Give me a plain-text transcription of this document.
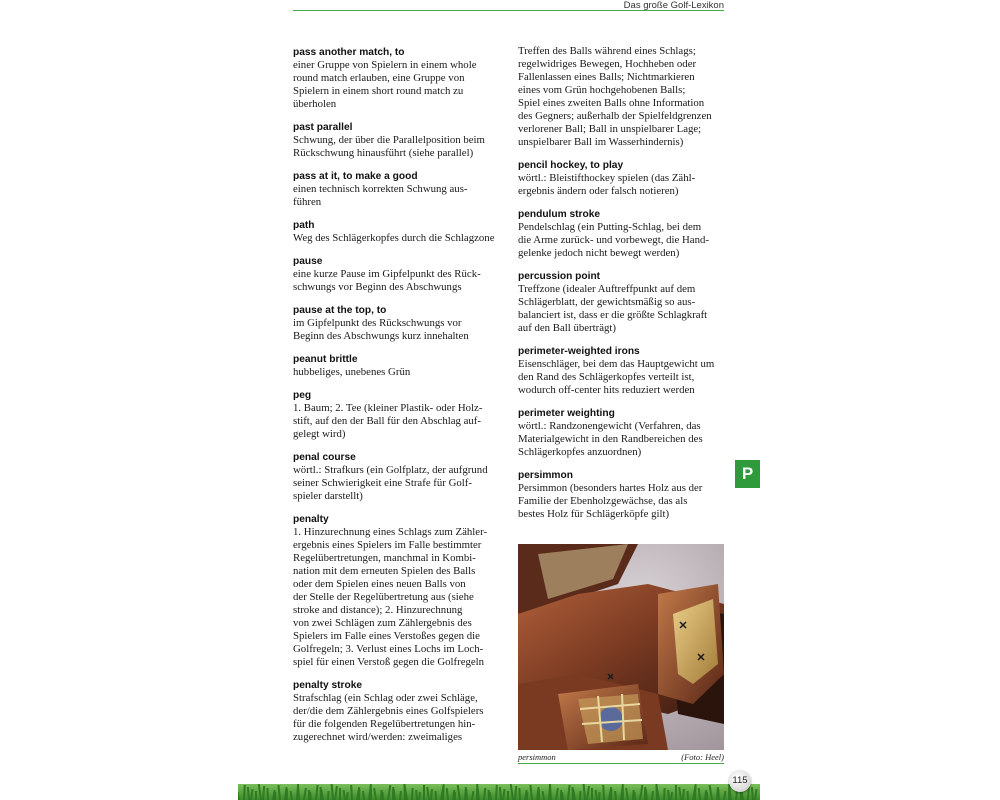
Das große Golf-Lexikon
pass another match, to
einer Gruppe von Spielern in einem whole
round match erlauben, eine Gruppe von
Spielern in einem short round match zu
überholen
past parallel
Schwung, der über die Parallelposition beim
Rückschwung hinausführt (siehe parallel)
pass at it, to make a good
einen technisch korrekten Schwung aus-
führen
path
Weg des Schlägerkopfes durch die Schlagzone
pause
eine kurze Pause im Gipfelpunkt des Rück-
schwungs vor Beginn des Abschwungs
pause at the top, to
im Gipfelpunkt des Rückschwungs vor
Beginn des Abschwungs kurz innehalten
peanut brittle
hubbeliges, unebenes Grün
peg
1. Baum; 2. Tee (kleiner Plastik- oder Holz-
stift, auf den der Ball für den Abschlag auf-
gelegt wird)
penal course
wörtl.: Strafkurs (ein Golfplatz, der aufgrund
seiner Schwierigkeit eine Strafe für Golf-
spieler darstellt)
penalty
1. Hinzurechnung eines Schlags zum Zähler-
ergebnis eines Spielers im Falle bestimmter
Regelübertretungen, manchmal in Kombi-
nation mit dem erneuten Spielen des Balls
oder dem Spielen eines neuen Balls von
der Stelle der Regelübertretung aus (siehe
stroke and distance); 2. Hinzurechnung
von zwei Schlägen zum Zählergebnis des
Spielers im Falle eines Verstoßes gegen die
Golfregeln; 3. Verlust eines Lochs im Loch-
spiel für einen Verstoß gegen die Golfregeln
penalty stroke
Strafschlag (ein Schlag oder zwei Schläge,
der/die dem Zählergebnis eines Golfspielers
für die folgenden Regelübertretungen hin-
zugerechnet wird/werden: zweimaliges
Treffen des Balls während eines Schlags;
regelwidriges Bewegen, Hochheben oder
Fallenlassen eines Balls; Nichtmarkieren
eines vom Grün hochgehobenen Balls;
Spiel eines zweiten Balls ohne Information
des Gegners; außerhalb der Spielfeldgrenzen
verlorener Ball; Ball in unspielbarer Lage;
unspielbarer Ball im Wasserhindernis)
pencil hockey, to play
wörtl.: Bleistifthockey spielen (das Zähl-
ergebnis ändern oder falsch notieren)
pendulum stroke
Pendelschlag (ein Putting-Schlag, bei dem
die Arme zurück- und vorbewegt, die Hand-
gelenke jedoch nicht bewegt werden)
percussion point
Treffzone (idealer Auftreffpunkt auf dem
Schlägerblatt, der gewichtsmäßig so aus-
balanciert ist, dass er die größte Schlagkraft
auf den Ball überträgt)
perimeter-weighted irons
Eisenschläger, bei dem das Hauptgewicht um
den Rand des Schlägerkopfes verteilt ist,
wodurch off-center hits reduziert werden
perimeter weighting
wörtl.: Randzonengewicht (Verfahren, das
Materialgewicht in den Randbereichen des
Schlägerkopfes anzuordnen)
persimmon
Persimmon (besonders hartes Holz aus der
Familie der Ebenholzgewächse, das als
bestes Holz für Schlägerköpfe gilt)
P
persimmon	(Foto: Heel)
115
